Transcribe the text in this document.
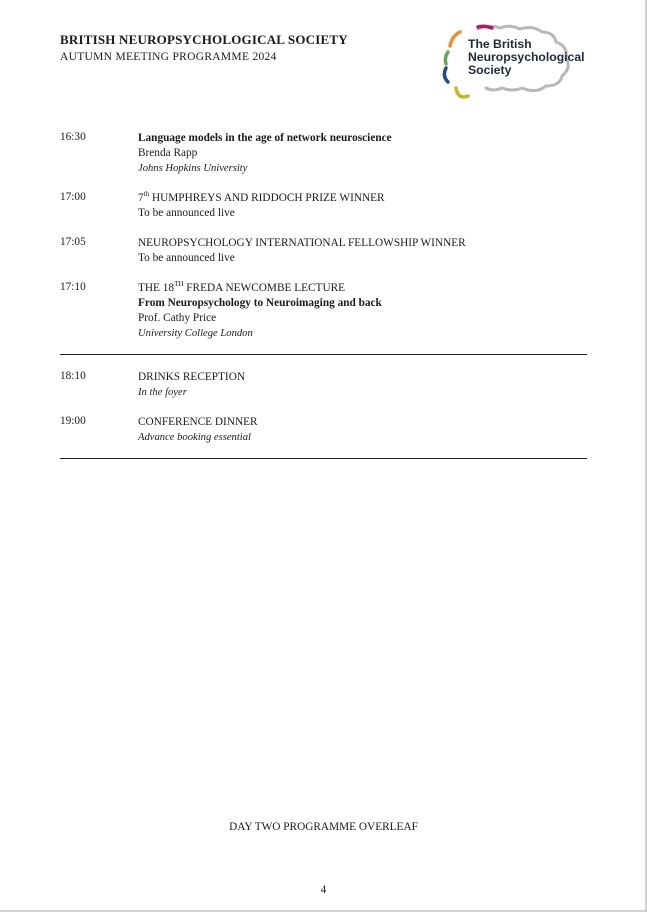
BRITISH NEUROPSYCHOLOGICAL SOCIETY
AUTUMN MEETING PROGRAMME 2024
The British
Neuropsychological
Society
16:30	Language models in the age of network neuroscience
Brenda Rapp
Johns Hopkins University
17:00	7th HUMPHREYS AND RIDDOCH PRIZE WINNER
To be announced live
17:05	NEUROPSYCHOLOGY INTERNATIONAL FELLOWSHIP WINNER
To be announced live
17:10	THE 18TH FREDA NEWCOMBE LECTURE
From Neuropsychology to Neuroimaging and back
Prof. Cathy Price
University College London
18:10	DRINKS RECEPTION
In the foyer
19:00	CONFERENCE DINNER
Advance booking essential
DAY TWO PROGRAMME OVERLEAF
4
